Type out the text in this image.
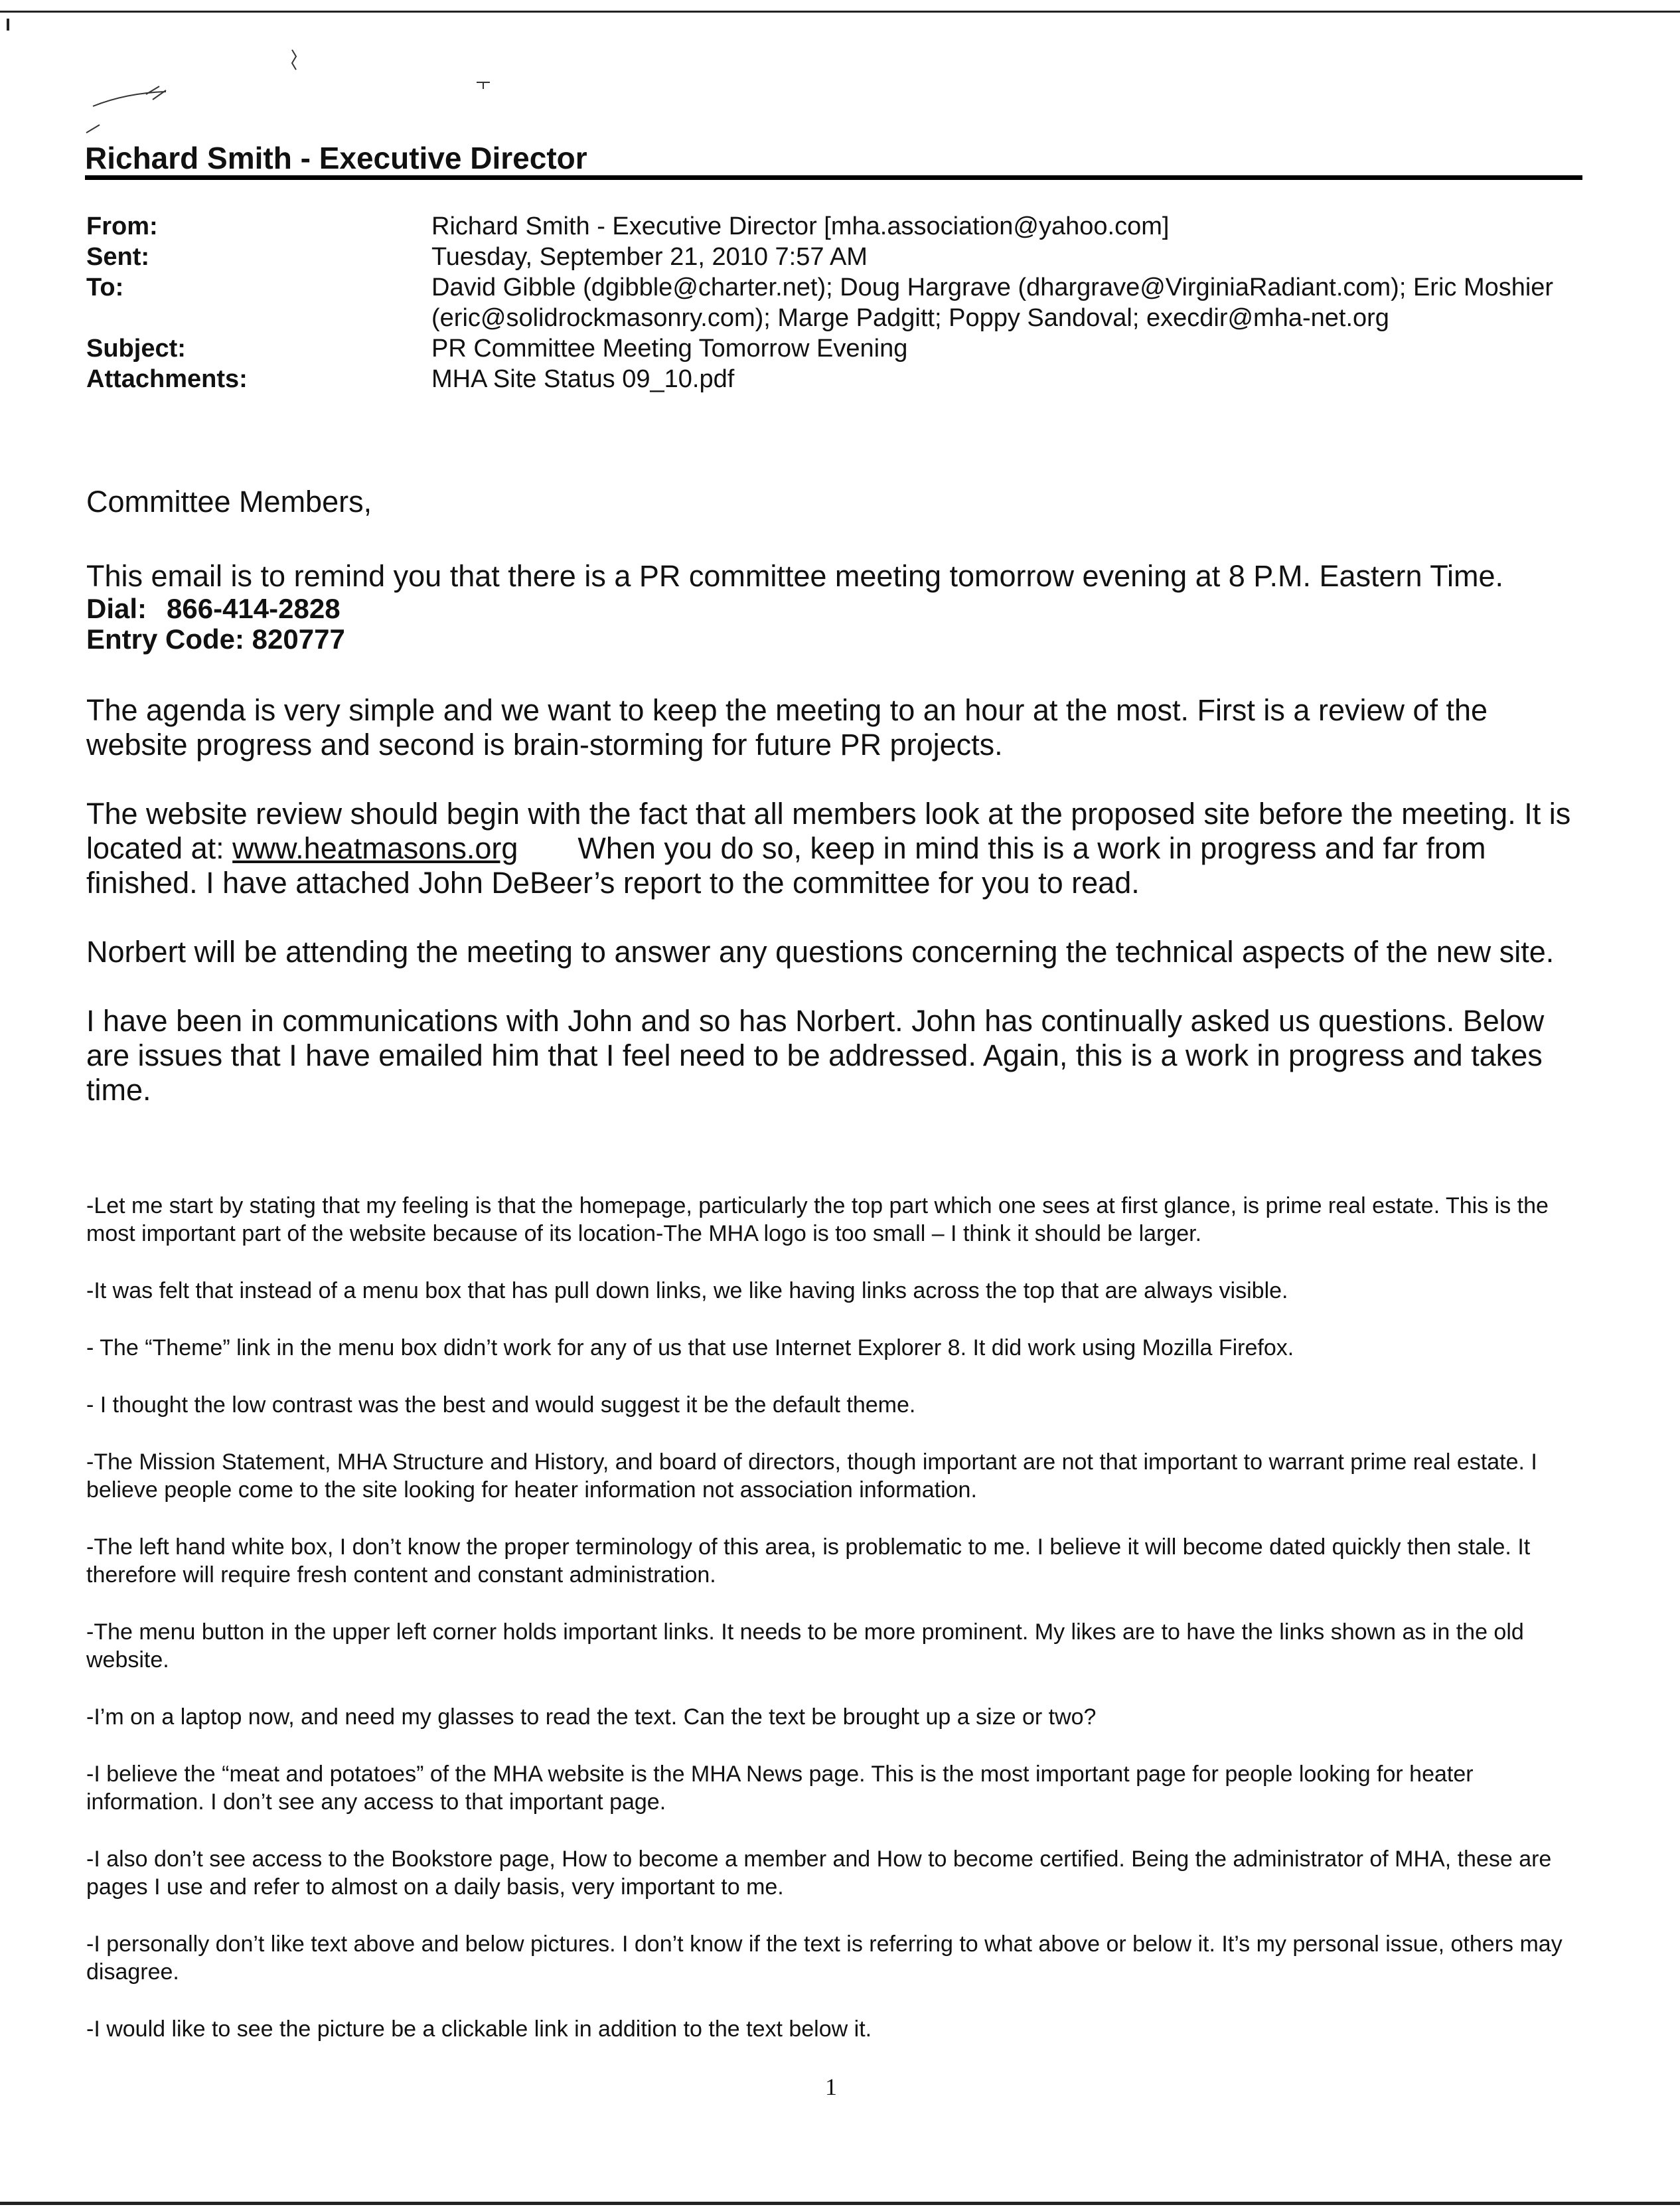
Richard Smith - Executive Director
From:	Richard Smith - Executive Director [mha.association@yahoo.com]
Sent:	Tuesday, September 21, 2010 7:57 AM
To:	David Gibble (dgibble@charter.net); Doug Hargrave (dhargrave@VirginiaRadiant.com); Eric Moshier (eric@solidrockmasonry.com); Marge Padgitt; Poppy Sandoval; execdir@mha-net.org
Subject:	PR Committee Meeting Tomorrow Evening
Attachments:	MHA Site Status 09_10.pdf

Committee Members,

This email is to remind you that there is a PR committee meeting tomorrow evening at 8 P.M. Eastern Time.

Dial: 866-414-2828
Entry Code: 820777

The agenda is very simple and we want to keep the meeting to an hour at the most. First is a review of the website progress and second is brain-storming for future PR projects.

The website review should begin with the fact that all members look at the proposed site before the meeting. It is located at: www.heatmasons.org When you do so, keep in mind this is a work in progress and far from finished. I have attached John DeBeer’s report to the committee for you to read.

Norbert will be attending the meeting to answer any questions concerning the technical aspects of the new site.

I have been in communications with John and so has Norbert. John has continually asked us questions. Below are issues that I have emailed him that I feel need to be addressed. Again, this is a work in progress and takes time.

-Let me start by stating that my feeling is that the homepage, particularly the top part which one sees at first glance, is prime real estate. This is the most important part of the website because of its location-The MHA logo is too small – I think it should be larger.

-It was felt that instead of a menu box that has pull down links, we like having links across the top that are always visible.

- The “Theme” link in the menu box didn’t work for any of us that use Internet Explorer 8. It did work using Mozilla Firefox.

- I thought the low contrast was the best and would suggest it be the default theme.

-The Mission Statement, MHA Structure and History, and board of directors, though important are not that important to warrant prime real estate. I believe people come to the site looking for heater information not association information.

-The left hand white box, I don’t know the proper terminology of this area, is problematic to me. I believe it will become dated quickly then stale. It therefore will require fresh content and constant administration.

-The menu button in the upper left corner holds important links. It needs to be more prominent. My likes are to have the links shown as in the old website.

-I’m on a laptop now, and need my glasses to read the text. Can the text be brought up a size or two?

-I believe the “meat and potatoes” of the MHA website is the MHA News page. This is the most important page for people looking for heater information. I don’t see any access to that important page.

-I also don’t see access to the Bookstore page, How to become a member and How to become certified. Being the administrator of MHA, these are pages I use and refer to almost on a daily basis, very important to me.

-I personally don’t like text above and below pictures. I don’t know if the text is referring to what above or below it. It’s my personal issue, others may disagree.

-I would like to see the picture be a clickable link in addition to the text below it.

1
